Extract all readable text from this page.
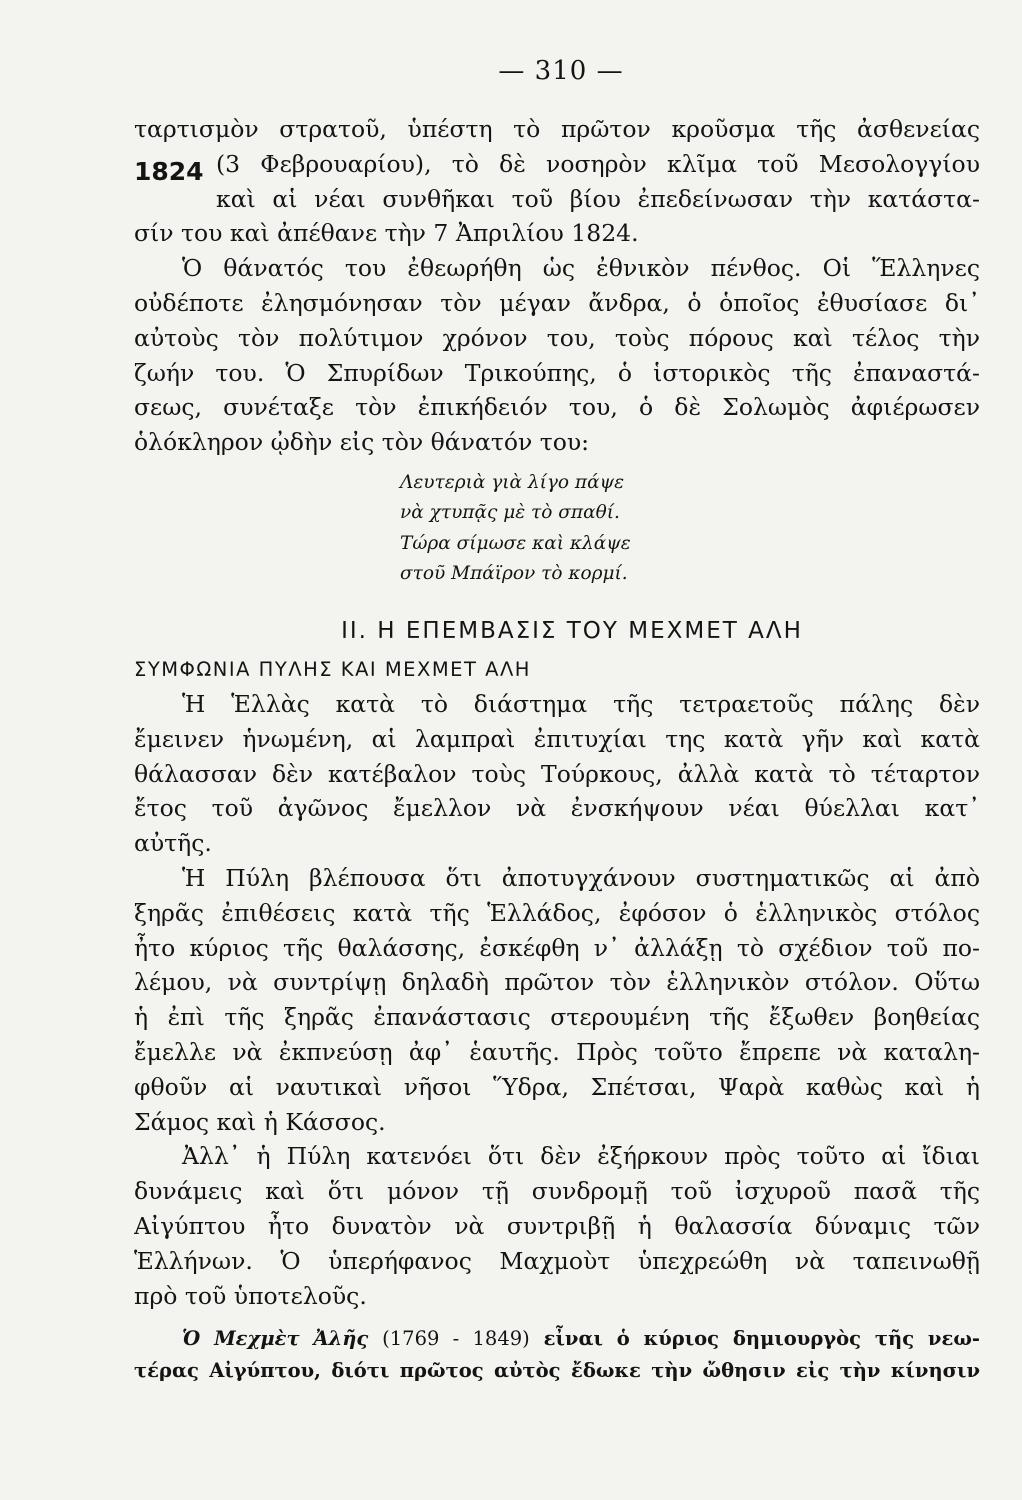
— 310 —
1824
ταρτισμὸν στρατοῦ, ὑπέστη τὸ πρῶτον κροῦσμα τῆς ἀσθενείας
(3 Φεβρουαρίου), τὸ δὲ νοσηρὸν κλῖμα τοῦ Μεσολογγίου
καὶ αἱ νέαι συνθῆκαι τοῦ βίου ἐπεδείνωσαν τὴν κατάστα-
σίν του καὶ ἀπέθανε τὴν 7 Ἀπριλίου 1824.
Ὁ θάνατός του ἐθεωρήθη ὡς ἐθνικὸν πένθος. Οἱ Ἕλληνες
οὐδέποτε ἐλησμόνησαν τὸν μέγαν ἄνδρα, ὁ ὁποῖος ἐθυσίασε δι᾽
αὐτοὺς τὸν πολύτιμον χρόνον του, τοὺς πόρους καὶ τέλος τὴν
ζωήν του. Ὁ Σπυρίδων Τρικούπης, ὁ ἱστορικὸς τῆς ἐπαναστά-
σεως, συνέταξε τὸν ἐπικήδειόν του, ὁ δὲ Σολωμὸς ἀφιέρωσεν
ὁλόκληρον ᾠδὴν εἰς τὸν θάνατόν του:
Λευτεριὰ γιὰ λίγο πάψε
νὰ χτυπᾷς μὲ τὸ σπαθί.
Τώρα σίμωσε καὶ κλάψε
στοῦ Μπάϊρον τὸ κορμί.
ΙΙ. Η ΕΠΕΜΒΑΣΙΣ ΤΟΥ ΜΕΧΜΕΤ ΑΛΗ
ΣΥΜΦΩΝΙΑ ΠΥΛΗΣ ΚΑΙ ΜΕΧΜΕΤ ΑΛΗ
Ἡ Ἑλλὰς κατὰ τὸ διάστημα τῆς τετραετοῦς πάλης δὲν
ἔμεινεν ἡνωμένη, αἱ λαμπραὶ ἐπιτυχίαι της κατὰ γῆν καὶ κατὰ
θάλασσαν δὲν κατέβαλον τοὺς Τούρκους, ἀλλὰ κατὰ τὸ τέταρτον
ἔτος τοῦ ἀγῶνος ἔμελλον νὰ ἐνσκήψουν νέαι θύελλαι κατ᾽
αὐτῆς.
Ἡ Πύλη βλέπουσα ὅτι ἀποτυγχάνουν συστηματικῶς αἱ ἀπὸ
ξηρᾶς ἐπιθέσεις κατὰ τῆς Ἑλλάδος, ἐφόσον ὁ ἑλληνικὸς στόλος
ἦτο κύριος τῆς θαλάσσης, ἐσκέφθη ν᾽ ἀλλάξῃ τὸ σχέδιον τοῦ πο-
λέμου, νὰ συντρίψῃ δηλαδὴ πρῶτον τὸν ἑλληνικὸν στόλον. Οὕτω
ἡ ἐπὶ τῆς ξηρᾶς ἐπανάστασις στερουμένη τῆς ἔξωθεν βοηθείας
ἔμελλε νὰ ἐκπνεύσῃ ἀφ᾽ ἑαυτῆς. Πρὸς τοῦτο ἔπρεπε νὰ καταλη-
φθοῦν αἱ ναυτικαὶ νῆσοι Ὕδρα, Σπέτσαι, Ψαρὰ καθὼς καὶ ἡ
Σάμος καὶ ἡ Κάσσος.
Ἀλλ᾽ ἡ Πύλη κατενόει ὅτι δὲν ἐξήρκουν πρὸς τοῦτο αἱ ἴδιαι
δυνάμεις καὶ ὅτι μόνον τῇ συνδρομῇ τοῦ ἰσχυροῦ πασᾶ τῆς
Αἰγύπτου ἦτο δυνατὸν νὰ συντριβῇ ἡ θαλασσία δύναμις τῶν
Ἑλλήνων. Ὁ ὑπερήφανος Μαχμοὺτ ὑπεχρεώθη νὰ ταπεινωθῇ
πρὸ τοῦ ὑποτελοῦς.
Ὁ Μεχμὲτ Ἀλῆς (1769 - 1849) εἶναι ὁ κύριος δημιουργὸς τῆς νεω-
τέρας Αἰγύπτου, διότι πρῶτος αὐτὸς ἔδωκε τὴν ὤθησιν εἰς τὴν κίνησιν
